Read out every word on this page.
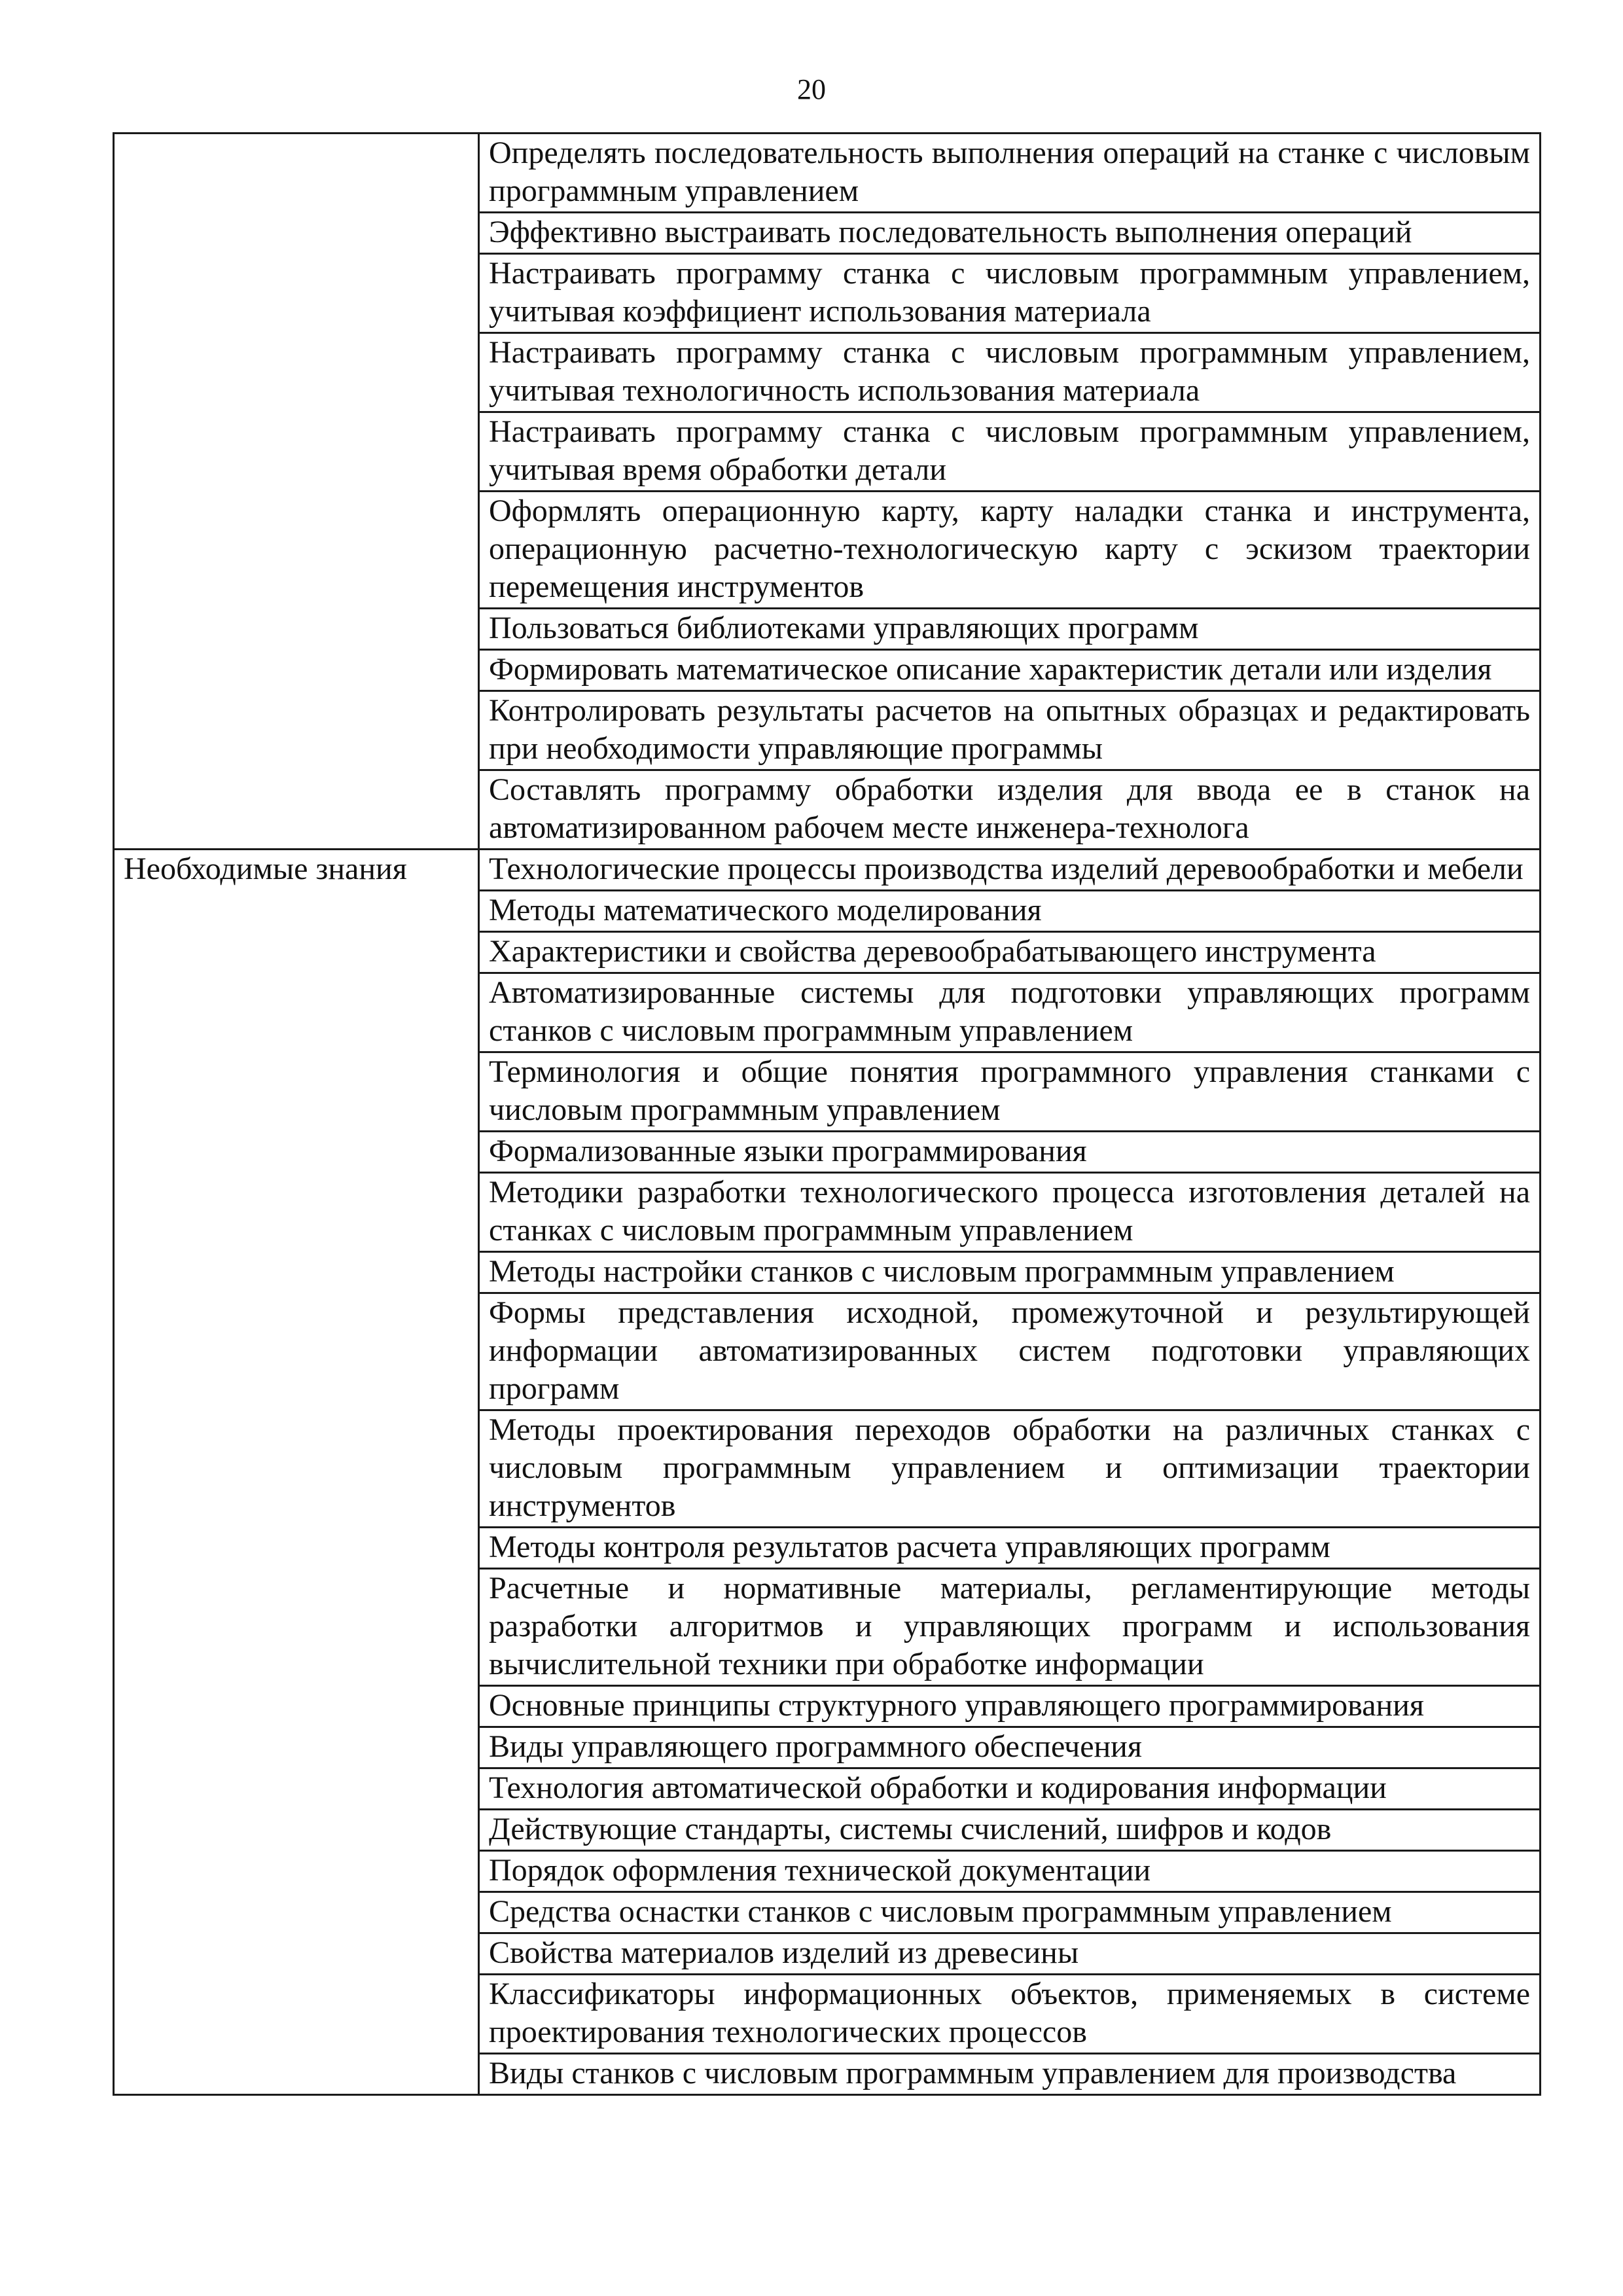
20
	Определять последовательность выполнения операций на станке с числовым программным управлением
	Эффективно выстраивать последовательность выполнения операций
	Настраивать программу станка с числовым программным управлением, учитывая коэффициент использования материала
	Настраивать программу станка с числовым программным управлением, учитывая технологичность использования материала
	Настраивать программу станка с числовым программным управлением, учитывая время обработки детали
	Оформлять операционную карту, карту наладки станка и инструмента, операционную расчетно-технологическую карту с эскизом траектории перемещения инструментов
	Пользоваться библиотеками управляющих программ
	Формировать математическое описание характеристик детали или изделия
	Контролировать результаты расчетов на опытных образцах и редактировать при необходимости управляющие программы
	Составлять программу обработки изделия для ввода ее в станок на автоматизированном рабочем месте инженера-технолога
Необходимые знания	Технологические процессы производства изделий деревообработки и мебели
	Методы математического моделирования
	Характеристики и свойства деревообрабатывающего инструмента
	Автоматизированные системы для подготовки управляющих программ станков с числовым программным управлением
	Терминология и общие понятия программного управления станками с числовым программным управлением
	Формализованные языки программирования
	Методики разработки технологического процесса изготовления деталей на станках с числовым программным управлением
	Методы настройки станков с числовым программным управлением
	Формы представления исходной, промежуточной и результирующей информации автоматизированных систем подготовки управляющих программ
	Методы проектирования переходов обработки на различных станках с числовым программным управлением и оптимизации траектории инструментов
	Методы контроля результатов расчета управляющих программ
	Расчетные и нормативные материалы, регламентирующие методы разработки алгоритмов и управляющих программ и использования вычислительной техники при обработке информации
	Основные принципы структурного управляющего программирования
	Виды управляющего программного обеспечения
	Технология автоматической обработки и кодирования информации
	Действующие стандарты, системы счислений, шифров и кодов
	Порядок оформления технической документации
	Средства оснастки станков с числовым программным управлением
	Свойства материалов изделий из древесины
	Классификаторы информационных объектов, применяемых в системе проектирования технологических процессов
	Виды станков с числовым программным управлением для производства
